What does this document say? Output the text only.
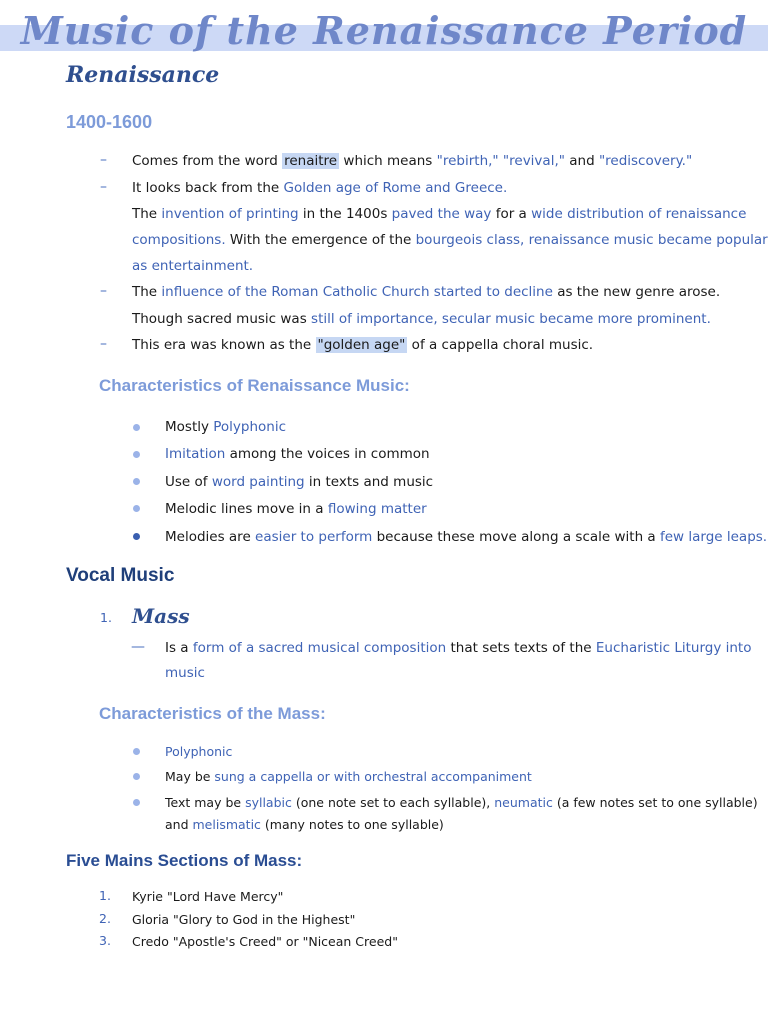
Music of the Renaissance Period
Renaissance
1400-1600
– Comes from the word renaitre which means "rebirth," "revival," and "rediscovery."
– It looks back from the Golden age of Rome and Greece.
The invention of printing in the 1400s paved the way for a wide distribution of renaissance
compositions. With the emergence of the bourgeois class, renaissance music became popular
as entertainment.
– The influence of the Roman Catholic Church started to decline as the new genre arose.
Though sacred music was still of importance, secular music became more prominent.
– This era was known as the "golden age" of a cappella choral music.
Characteristics of Renaissance Music:
Mostly Polyphonic
Imitation among the voices in common
Use of word painting in texts and music
Melodic lines move in a flowing matter
Melodies are easier to perform because these move along a scale with a few large leaps.
Vocal Music
1. Mass
— Is a form of a sacred musical composition that sets texts of the Eucharistic Liturgy into
music
Characteristics of the Mass:
Polyphonic
May be sung a cappella or with orchestral accompaniment
Text may be syllabic (one note set to each syllable), neumatic (a few notes set to one syllable)
and melismatic (many notes to one syllable)
Five Mains Sections of Mass:
1. Kyrie "Lord Have Mercy"
2. Gloria "Glory to God in the Highest"
3. Credo "Apostle's Creed" or "Nicean Creed"
